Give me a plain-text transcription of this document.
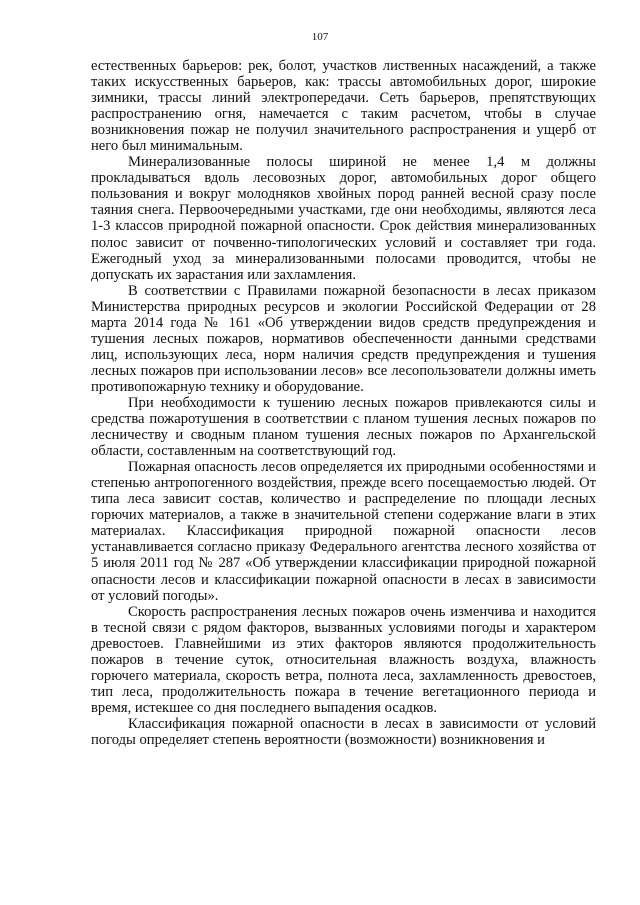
107

естественных барьеров: рек, болот, участков лиственных насаждений, а также таких искусственных барьеров, как: трассы автомобильных дорог, широкие зимники, трассы линий электропередачи. Сеть барьеров, препятствующих распространению огня, намечается с таким расчетом, чтобы в случае возникновения пожар не получил значительного распространения и ущерб от него был минимальным.

Минерализованные полосы шириной не менее 1,4 м должны прокладываться вдоль лесовозных дорог, автомобильных дорог общего пользования и вокруг молодняков хвойных пород ранней весной сразу после таяния снега. Первоочередными участками, где они необходимы, являются леса 1-3 классов природной пожарной опасности. Срок действия минерализованных полос зависит от почвенно-типологических условий и составляет три года. Ежегодный уход за минерализованными полосами проводится, чтобы не допускать их зарастания или захламления.

В соответствии с Правилами пожарной безопасности в лесах приказом Министерства природных ресурсов и экологии Российской Федерации от 28 марта 2014 года № 161 «Об утверждении видов средств предупреждения и тушения лесных пожаров, нормативов обеспеченности данными средствами лиц, использующих леса, норм наличия средств предупреждения и тушения лесных пожаров при использовании лесов» все лесопользователи должны иметь противопожарную технику и оборудование.

При необходимости к тушению лесных пожаров привлекаются силы и средства пожаротушения в соответствии с планом тушения лесных пожаров по лесничеству и сводным планом тушения лесных пожаров по Архангельской области, составленным на соответствующий год.

Пожарная опасность лесов определяется их природными особенностями и степенью антропогенного воздействия, прежде всего посещаемостью людей. От типа леса зависит состав, количество и распределение по площади лесных горючих материалов, а также в значительной степени содержание влаги в этих материалах. Классификация природной пожарной опасности лесов устанавливается согласно приказу Федерального агентства лесного хозяйства от 5 июля 2011 год № 287 «Об утверждении классификации природной пожарной опасности лесов и классификации пожарной опасности в лесах в зависимости от условий погоды».

Скорость распространения лесных пожаров очень изменчива и находится в тесной связи с рядом факторов, вызванных условиями погоды и характером древостоев. Главнейшими из этих факторов являются продолжительность пожаров в течение суток, относительная влажность воздуха, влажность горючего материала, скорость ветра, полнота леса, захламленность древостоев, тип леса, продолжительность пожара в течение вегетационного периода и время, истекшее со дня последнего выпадения осадков.

Классификация пожарной опасности в лесах в зависимости от условий погоды определяет степень вероятности (возможности) возникновения и
